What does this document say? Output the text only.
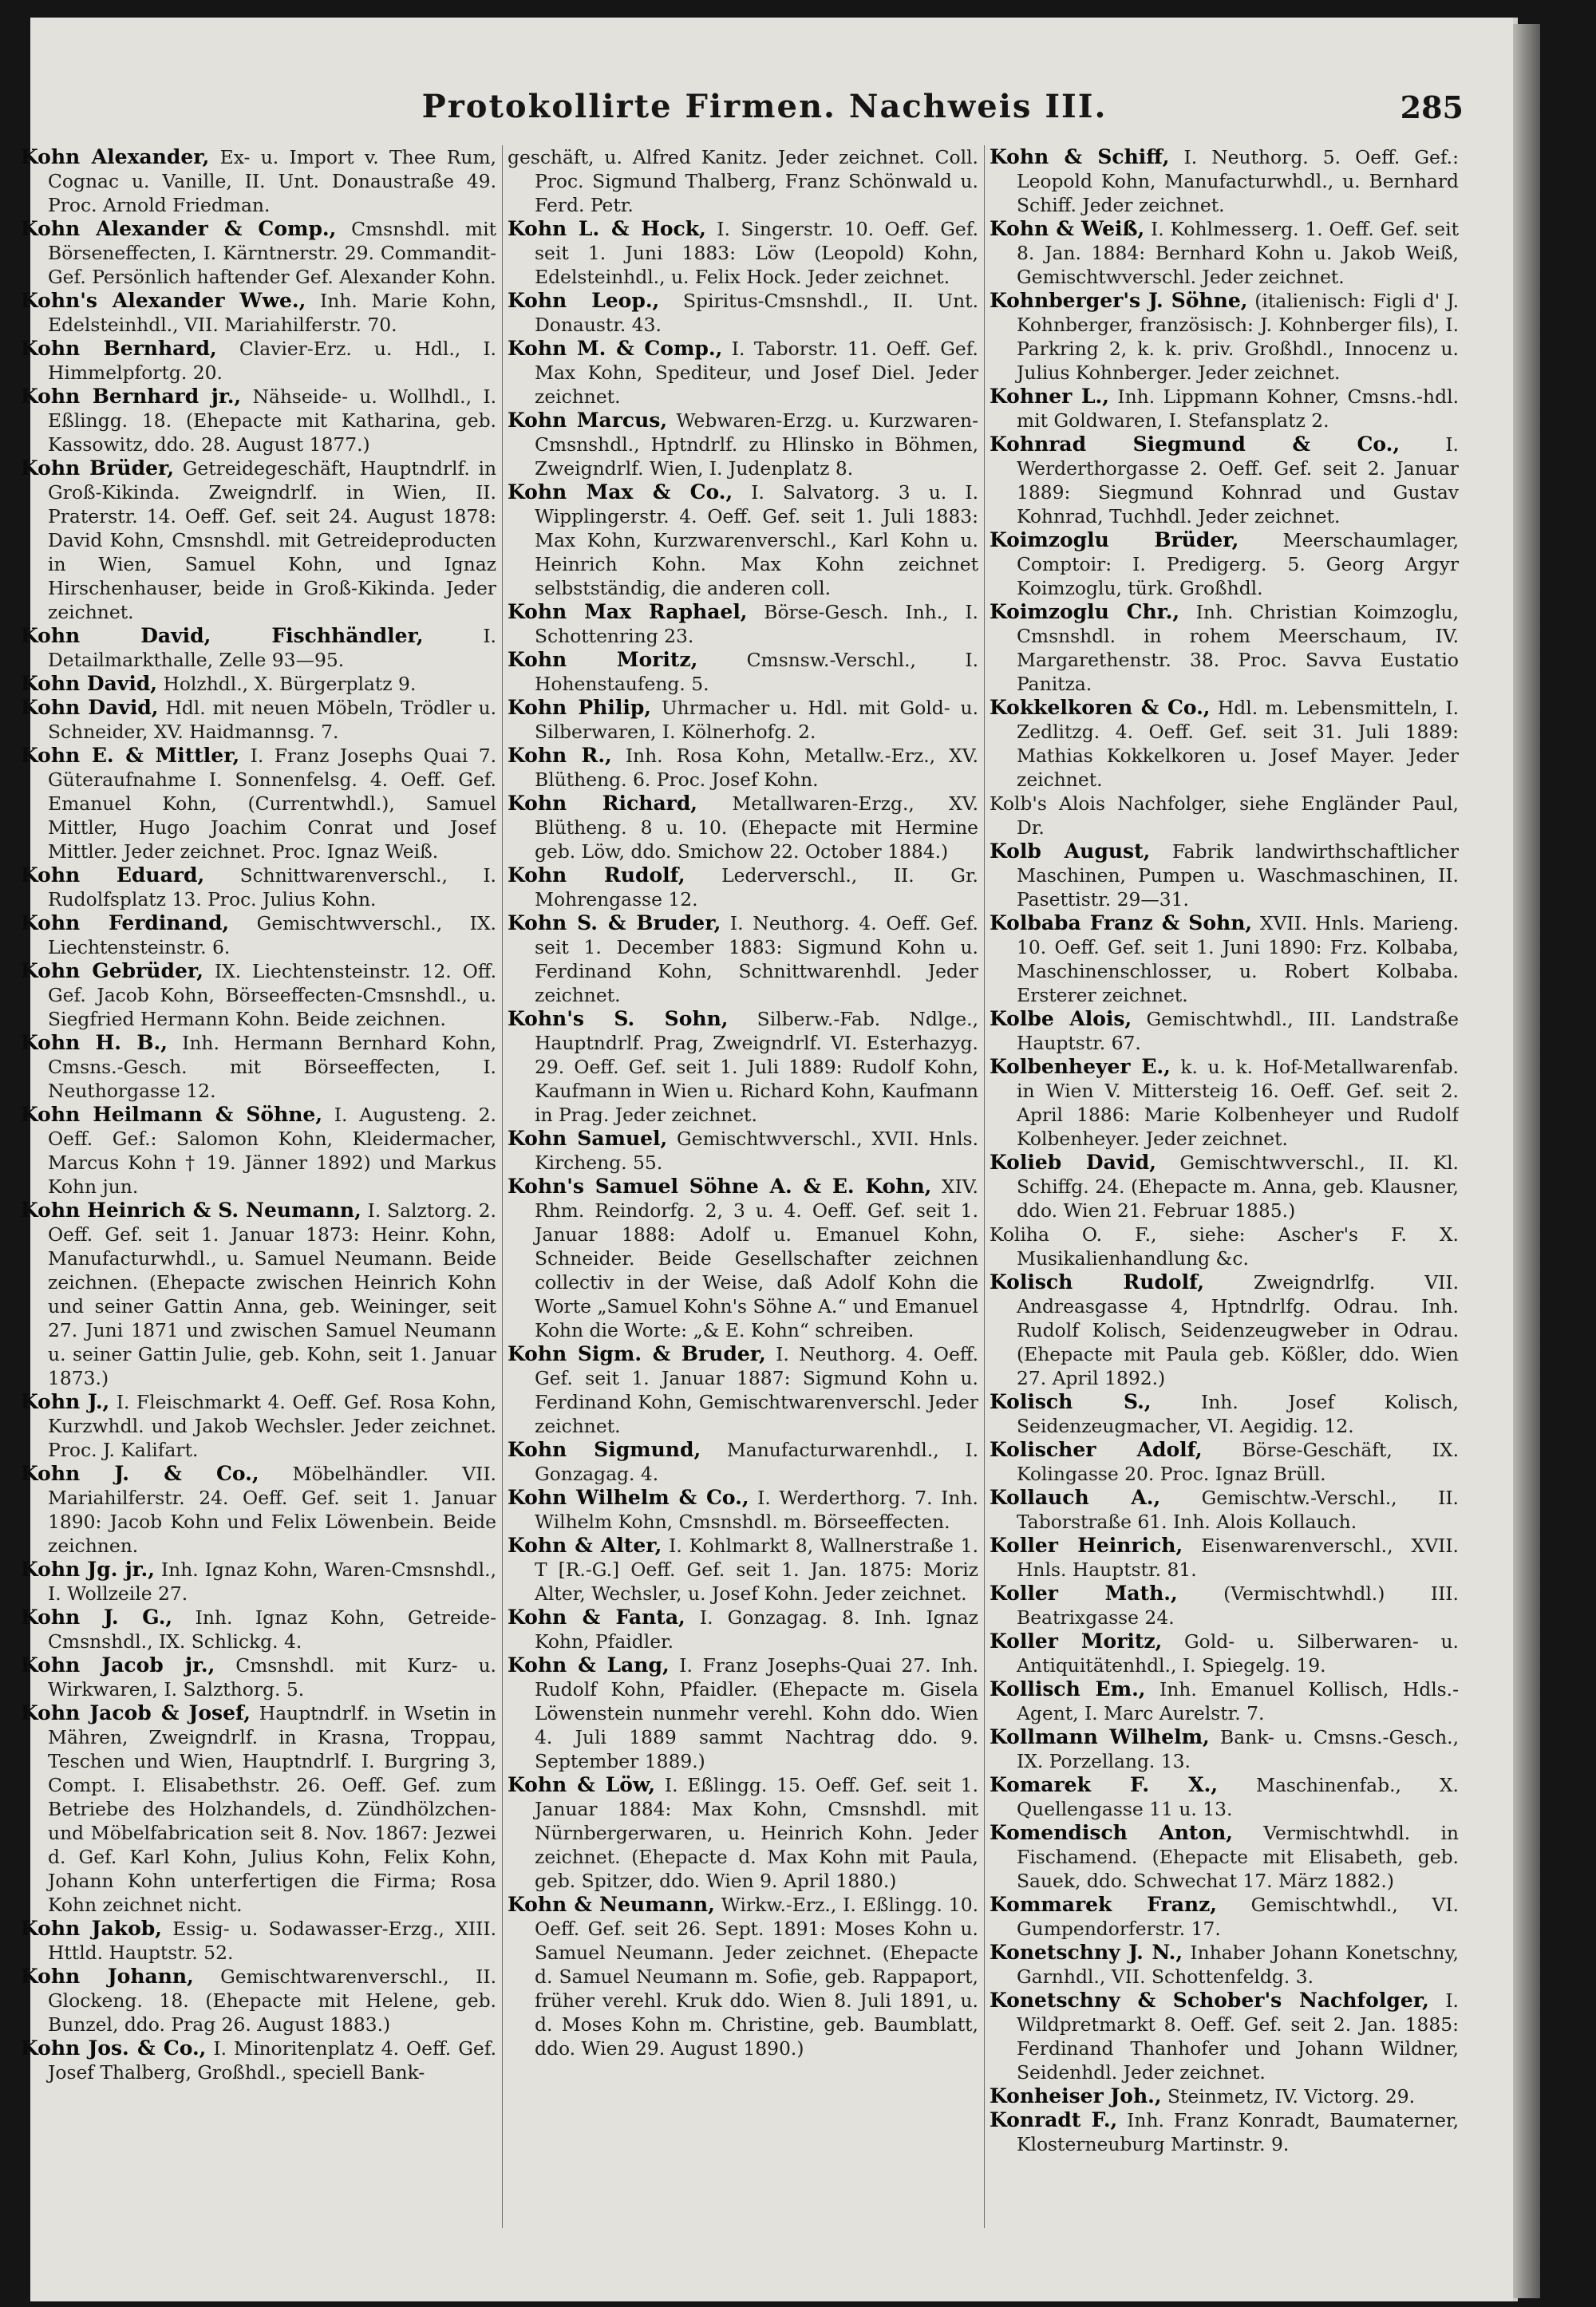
Protokollirte Firmen. Nachweis III.	285
Kohn Alexander, Ex- u. Import v. Thee Rum, Cognac u. Vanille, II. Unt. Donaustraße 49. Proc. Arnold Friedman.
Kohn Alexander & Comp., Cmsnshdl. mit Börseneffecten, I. Kärntnerstr. 29. Commandit-Gef. Persönlich haftender Gef. Alexander Kohn.
Kohn's Alexander Wwe., Inh. Marie Kohn, Edelsteinhdl., VII. Mariahilferstr. 70.
Kohn Bernhard, Clavier-Erz. u. Hdl., I. Himmelpfortg. 20.
Kohn Bernhard jr., Nähseide- u. Wollhdl., I. Eßlingg. 18. (Ehepacte mit Katharina, geb. Kassowitz, ddo. 28. August 1877.)
Kohn Brüder, Getreidegeschäft, Hauptndrlf. in Groß-Kikinda. Zweigndrlf. in Wien, II. Praterstr. 14. Oeff. Gef. seit 24. August 1878: David Kohn, Cmsnshdl. mit Getreideproducten in Wien, Samuel Kohn, und Ignaz Hirschenhauser, beide in Groß-Kikinda. Jeder zeichnet.
Kohn David, Fischhändler,	I. Detailmarkthalle, Zelle 93—95.
Kohn David, Holzhdl., X. Bürgerplatz 9.
Kohn David, Hdl. mit neuen Möbeln, Trödler u. Schneider, XV. Haidmannsg. 7.
Kohn E. & Mittler, I. Franz Josephs Quai 7. Güteraufnahme I. Sonnenfelsg. 4. Oeff. Gef. Emanuel Kohn, (Currentwhdl.), Samuel Mittler, Hugo Joachim Conrat und Josef Mittler. Jeder zeichnet. Proc. Ignaz Weiß.
Kohn Eduard, Schnittwarenverschl., I. Rudolfsplatz 13. Proc. Julius Kohn.
Kohn Ferdinand, Gemischtwverschl., IX. Liechtensteinstr. 6.
Kohn Gebrüder, IX. Liechtensteinstr. 12. Off. Gef. Jacob Kohn, Börseeffecten-Cmsnshdl., u. Siegfried Hermann Kohn. Beide zeichnen.
Kohn H. B., Inh. Hermann Bernhard Kohn, Cmsns.-Gesch. mit Börseeffecten, I. Neuthorgasse 12.
Kohn Heilmann & Söhne, I. Augusteng. 2. Oeff. Gef.: Salomon Kohn, Kleidermacher, Marcus Kohn † 19. Jänner 1892) und Markus Kohn jun.
Kohn Heinrich & S. Neumann, I. Salztorg. 2. Oeff. Gef. seit 1. Januar 1873: Heinr. Kohn, Manufacturwhdl., u. Samuel Neumann. Beide zeichnen. (Ehepacte zwischen Heinrich Kohn und seiner Gattin Anna, geb. Weininger, seit 27. Juni 1871 und zwischen Samuel Neumann u. seiner Gattin Julie, geb. Kohn, seit 1. Januar 1873.)
Kohn J., I. Fleischmarkt 4. Oeff. Gef. Rosa Kohn, Kurzwhdl. und Jakob Wechsler. Jeder zeichnet. Proc. J. Kalifart.
Kohn J. & Co., Möbelhändler. VII. Mariahilferstr. 24. Oeff. Gef. seit 1. Januar 1890: Jacob Kohn und Felix Löwenbein. Beide zeichnen.
Kohn Jg. jr., Inh. Ignaz Kohn, Waren-Cmsnshdl., I. Wollzeile 27.
Kohn J. G., Inh. Ignaz Kohn, Getreide-Cmsnshdl., IX. Schlickg. 4.
Kohn Jacob jr., Cmsnshdl. mit Kurz- u. Wirkwaren, I. Salzthorg. 5.
Kohn Jacob & Josef, Hauptndrlf. in Wsetin in Mähren, Zweigndrlf. in Krasna, Troppau, Teschen und Wien, Hauptndrlf. I. Burgring 3, Compt. I. Elisabethstr. 26. Oeff. Gef. zum Betriebe des Holzhandels, d. Zündhölzchen- und Möbelfabrication seit 8. Nov. 1867: Jezwei d. Gef. Karl Kohn, Julius Kohn, Felix Kohn, Johann Kohn unterfertigen die Firma; Rosa Kohn zeichnet nicht.
Kohn Jakob, Essig- u. Sodawasser-Erzg., XIII. Httld. Hauptstr. 52.
Kohn Johann, Gemischtwarenverschl., II. Glockeng. 18. (Ehepacte mit Helene, geb. Bunzel, ddo. Prag 26. August 1883.)
Kohn Jos. & Co., I. Minoritenplatz 4. Oeff. Gef. Josef Thalberg, Großhdl., speciell Bank-
geschäft, u. Alfred Kanitz. Jeder zeichnet. Coll. Proc. Sigmund Thalberg, Franz Schönwald u. Ferd. Petr.
Kohn L. & Hock, I. Singerstr. 10. Oeff. Gef. seit 1. Juni 1883: Löw (Leopold) Kohn, Edelsteinhdl., u. Felix Hock. Jeder zeichnet.
Kohn Leop., Spiritus-Cmsnshdl., II. Unt. Donaustr. 43.
Kohn M. & Comp., I. Taborstr. 11. Oeff. Gef. Max Kohn, Spediteur, und Josef Diel. Jeder zeichnet.
Kohn Marcus, Webwaren-Erzg. u. Kurzwaren-Cmsnshdl., Hptndrlf. zu Hlinsko in Böhmen, Zweigndrlf. Wien, I. Judenplatz 8.
Kohn Max & Co., I. Salvatorg. 3 u. I. Wipplingerstr. 4. Oeff. Gef. seit 1. Juli 1883: Max Kohn, Kurzwarenverschl., Karl Kohn u. Heinrich Kohn. Max Kohn zeichnet selbstständig, die anderen coll.
Kohn Max Raphael, Börse-Gesch. Inh., I. Schottenring 23.
Kohn Moritz,	Cmsnsw.-Verschl., I. Hohenstaufeng. 5.
Kohn Philip, Uhrmacher u. Hdl. mit Gold- u. Silberwaren, I. Kölnerhofg. 2.
Kohn R., Inh. Rosa Kohn, Metallw.-Erz., XV. Blütheng. 6. Proc. Josef Kohn.
Kohn Richard, Metallwaren-Erzg., XV. Blütheng. 8 u. 10. (Ehepacte mit Hermine geb. Löw, ddo. Smichow 22. October 1884.)
Kohn Rudolf, Lederverschl., II. Gr. Mohrengasse 12.
Kohn S. & Bruder, I. Neuthorg. 4. Oeff. Gef. seit 1. December 1883: Sigmund Kohn u. Ferdinand Kohn, Schnittwarenhdl. Jeder zeichnet.
Kohn's S. Sohn, Silberw.-Fab. Ndlge., Hauptndrlf. Prag, Zweigndrlf. VI. Esterhazyg. 29. Oeff. Gef. seit 1. Juli 1889: Rudolf Kohn, Kaufmann in Wien u. Richard Kohn, Kaufmann in Prag. Jeder zeichnet.
Kohn Samuel, Gemischtwverschl., XVII. Hnls. Kircheng. 55.
Kohn's Samuel Söhne A. & E. Kohn, XIV. Rhm. Reindorfg. 2, 3 u. 4. Oeff. Gef. seit 1. Januar 1888: Adolf u. Emanuel Kohn, Schneider. Beide Gesellschafter zeichnen collectiv in der Weise, daß Adolf Kohn die Worte „Samuel Kohn's Söhne A.“ und Emanuel Kohn die Worte: „& E. Kohn“ schreiben.
Kohn Sigm. & Bruder, I. Neuthorg. 4. Oeff. Gef. seit 1. Januar 1887: Sigmund Kohn u. Ferdinand Kohn, Gemischtwarenverschl. Jeder zeichnet.
Kohn Sigmund, Manufacturwarenhdl., I. Gonzagag. 4.
Kohn Wilhelm & Co., I. Werderthorg. 7. Inh. Wilhelm Kohn, Cmsnshdl. m. Börseeffecten.
Kohn & Alter, I. Kohlmarkt 8, Wallnerstraße 1. T [R.-G.] Oeff. Gef. seit 1. Jan. 1875: Moriz Alter, Wechsler, u. Josef Kohn. Jeder zeichnet.
Kohn & Fanta, I. Gonzagag. 8. Inh. Ignaz Kohn, Pfaidler.
Kohn & Lang, I. Franz Josephs-Quai 27. Inh. Rudolf Kohn, Pfaidler. (Ehepacte m. Gisela Löwenstein nunmehr verehl. Kohn ddo. Wien 4. Juli 1889 sammt Nachtrag ddo. 9. September 1889.)
Kohn & Löw, I. Eßlingg. 15. Oeff. Gef. seit 1. Januar 1884: Max Kohn, Cmsnshdl. mit Nürnbergerwaren, u. Heinrich Kohn. Jeder zeichnet. (Ehepacte d. Max Kohn mit Paula, geb. Spitzer, ddo. Wien 9. April 1880.)
Kohn & Neumann, Wirkw.-Erz., I. Eßlingg. 10. Oeff. Gef. seit 26. Sept. 1891: Moses Kohn u. Samuel Neumann. Jeder zeichnet. (Ehepacte d. Samuel Neumann m. Sofie, geb. Rappaport, früher verehl. Kruk ddo. Wien 8. Juli 1891, u. d. Moses Kohn m. Christine, geb. Baumblatt, ddo. Wien 29. August 1890.)
Kohn & Schiff, I. Neuthorg. 5. Oeff. Gef.: Leopold Kohn, Manufacturwhdl., u. Bernhard Schiff. Jeder zeichnet.
Kohn & Weiß, I. Kohlmesserg. 1. Oeff. Gef. seit 8. Jan. 1884: Bernhard Kohn u. Jakob Weiß, Gemischtwverschl. Jeder zeichnet.
Kohnberger's J. Söhne, (italienisch: Figli d' J. Kohnberger, französisch: J. Kohnberger fils), I. Parkring 2, k. k. priv. Großhdl., Innocenz u. Julius Kohnberger. Jeder zeichnet.
Kohner L., Inh. Lippmann Kohner, Cmsns.-hdl. mit Goldwaren, I. Stefansplatz 2.
Kohnrad Siegmund & Co., I. Werderthorgasse 2. Oeff. Gef. seit 2. Januar 1889: Siegmund Kohnrad und Gustav Kohnrad, Tuchhdl. Jeder zeichnet.
Koimzoglu Brüder, Meerschaumlager, Comptoir: I. Predigerg. 5. Georg Argyr Koimzoglu, türk. Großhdl.
Koimzoglu Chr., Inh. Christian Koimzoglu, Cmsnshdl. in rohem Meerschaum, IV. Margarethenstr. 38. Proc. Savva Eustatio Panitza.
Kokkelkoren & Co., Hdl. m. Lebensmitteln, I. Zedlitzg. 4. Oeff. Gef. seit 31. Juli 1889: Mathias Kokkelkoren u. Josef Mayer. Jeder zeichnet.
Kolb's Alois Nachfolger, siehe Engländer Paul, Dr.
Kolb August, Fabrik landwirthschaftlicher Maschinen, Pumpen u. Waschmaschinen, II. Pasettistr. 29—31.
Kolbaba Franz & Sohn, XVII. Hnls. Marieng. 10. Oeff. Gef. seit 1. Juni 1890: Frz. Kolbaba, Maschinenschlosser, u. Robert Kolbaba. Ersterer zeichnet.
Kolbe Alois, Gemischtwhdl., III. Landstraße Hauptstr. 67.
Kolbenheyer E., k. u. k. Hof-Metallwarenfab. in Wien V. Mittersteig 16. Oeff. Gef. seit 2. April 1886: Marie Kolbenheyer und Rudolf Kolbenheyer. Jeder zeichnet.
Kolieb David, Gemischtwverschl., II. Kl. Schiffg. 24. (Ehepacte m. Anna, geb. Klausner, ddo. Wien 21. Februar 1885.)
Koliha O. F., siehe: Ascher's F. X. Musikalienhandlung &c.
Kolisch Rudolf,	Zweigndrlfg. VII. Andreasgasse 4, Hptndrlfg. Odrau. Inh. Rudolf Kolisch, Seidenzeugweber in Odrau. (Ehepacte mit Paula geb. Kößler, ddo. Wien 27. April 1892.)
Kolisch S.,	Inh. Josef Kolisch, Seidenzeugmacher, VI. Aegidig. 12.
Kolischer Adolf, Börse-Geschäft, IX. Kolingasse 20. Proc. Ignaz Brüll.
Kollauch A., Gemischtw.-Verschl., II. Taborstraße 61. Inh. Alois Kollauch.
Koller Heinrich, Eisenwarenverschl., XVII. Hnls. Hauptstr. 81.
Koller Math., (Vermischtwhdl.) III. Beatrixgasse 24.
Koller Moritz, Gold- u. Silberwaren- u. Antiquitätenhdl., I. Spiegelg. 19.
Kollisch Em., Inh. Emanuel Kollisch, Hdls.-Agent, I. Marc Aurelstr. 7.
Kollmann Wilhelm, Bank- u. Cmsns.-Gesch., IX. Porzellang. 13.
Komarek F. X., Maschinenfab., X. Quellengasse 11 u. 13.
Komendisch Anton, Vermischtwhdl. in Fischamend. (Ehepacte mit Elisabeth, geb. Sauek, ddo. Schwechat 17. März 1882.)
Kommarek Franz, Gemischtwhdl., VI. Gumpendorferstr. 17.
Konetschny J. N., Inhaber Johann Konetschny, Garnhdl., VII. Schottenfeldg. 3.
Konetschny & Schober's Nachfolger, I. Wildpretmarkt 8. Oeff. Gef. seit 2. Jan. 1885: Ferdinand Thanhofer und Johann Wildner, Seidenhdl. Jeder zeichnet.
Konheiser Joh., Steinmetz, IV. Victorg. 29.
Konradt F., Inh. Franz Konradt, Baumaterner, Klosterneuburg Martinstr. 9.
